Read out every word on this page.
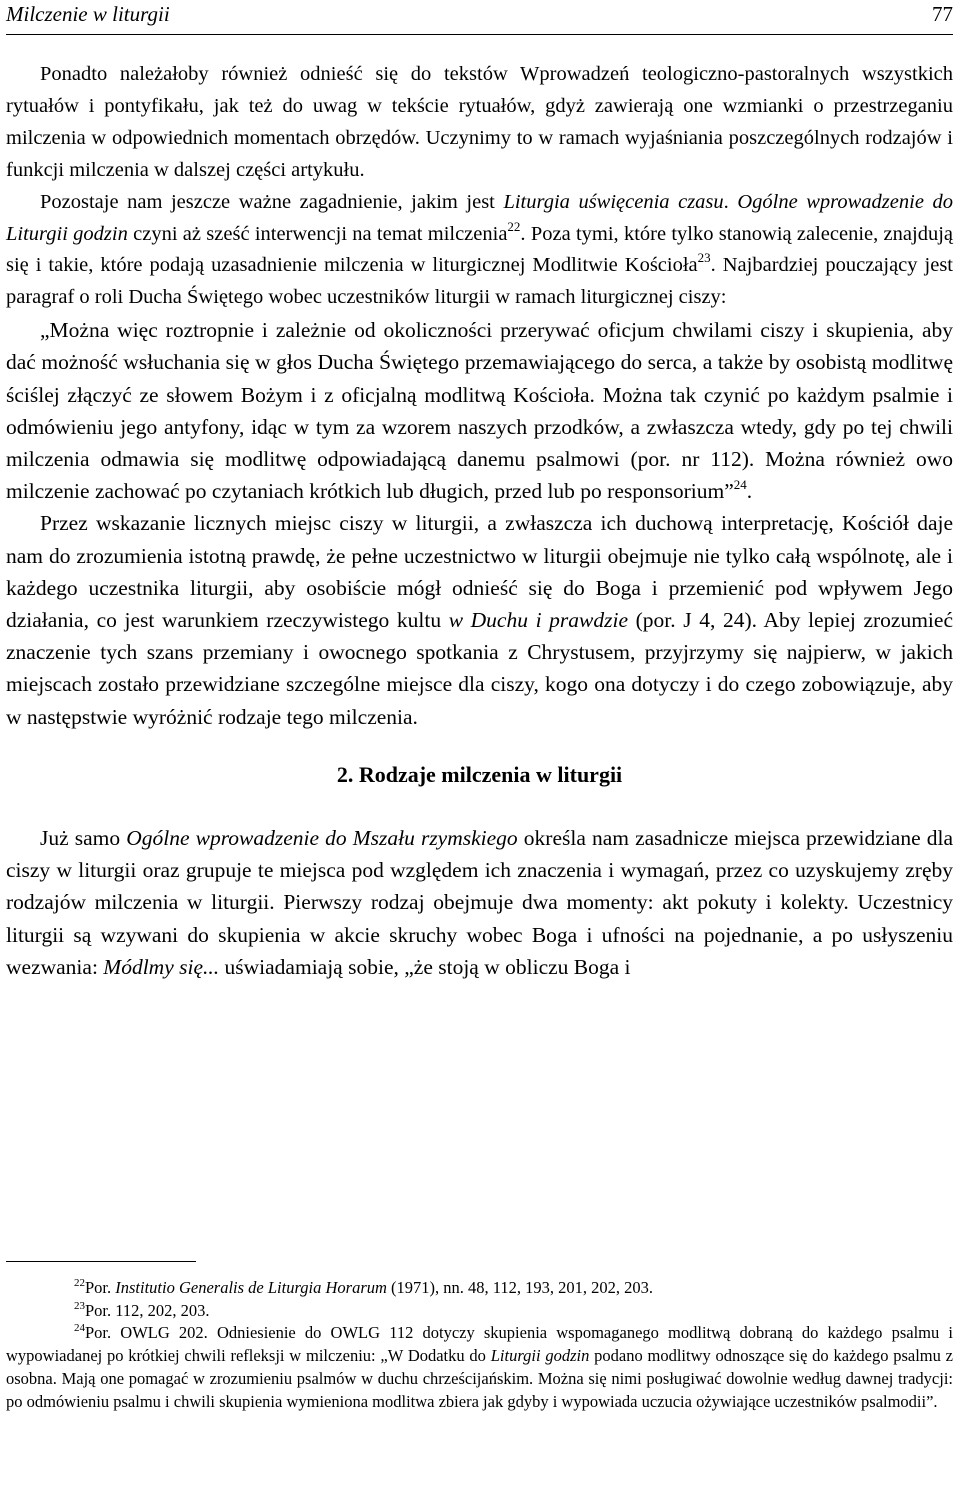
Milczenie w liturgii	77

Ponadto należałoby również odnieść się do tekstów Wprowadzeń teologiczno-pastoralnych wszystkich rytuałów i pontyfikału, jak też do uwag w tekście rytuałów, gdyż zawierają one wzmianki o przestrzeganiu milczenia w odpowiednich momentach obrzędów. Uczynimy to w ramach wyjaśniania poszczególnych rodzajów i funkcji milczenia w dalszej części artykułu.

Pozostaje nam jeszcze ważne zagadnienie, jakim jest Liturgia uświęcenia czasu. Ogólne wprowadzenie do Liturgii godzin czyni aż sześć interwencji na temat milczenia$^{22}$. Poza tymi, które tylko stanowią zalecenie, znajdują się i takie, które podają uzasadnienie milczenia w liturgicznej Modlitwie Kościoła$^{23}$. Najbardziej pouczający jest paragraf o roli Ducha Świętego wobec uczestników liturgii w ramach liturgicznej ciszy:

„Można więc roztropnie i zależnie od okoliczności przerywać oficjum chwilami ciszy i skupienia, aby dać możność wsłuchania się w głos Ducha Świętego przemawiającego do serca, a także by osobistą modlitwę ściślej złączyć ze słowem Bożym i z oficjalną modlitwą Kościoła. Można tak czynić po każdym psalmie i odmówieniu jego antyfony, idąc w tym za wzorem naszych przodków, a zwłaszcza wtedy, gdy po tej chwili milczenia odmawia się modlitwę odpowiadającą danemu psalmowi (por. nr 112). Można również owo milczenie zachować po czytaniach krótkich lub długich, przed lub po responsorium”$^{24}$.

Przez wskazanie licznych miejsc ciszy w liturgii, a zwłaszcza ich duchową interpretację, Kościół daje nam do zrozumienia istotną prawdę, że pełne uczestnictwo w liturgii obejmuje nie tylko całą wspólnotę, ale i każdego uczestnika liturgii, aby osobiście mógł odnieść się do Boga i przemienić pod wpływem Jego działania, co jest warunkiem rzeczywistego kultu w Duchu i prawdzie (por. J 4, 24). Aby lepiej zrozumieć znaczenie tych szans przemiany i owocnego spotkania z Chrystusem, przyjrzymy się najpierw, w jakich miejscach zostało przewidziane szczególne miejsce dla ciszy, kogo ona dotyczy i do czego zobowiązuje, aby w następstwie wyróżnić rodzaje tego milczenia.

2. Rodzaje milczenia w liturgii

Już samo Ogólne wprowadzenie do Mszału rzymskiego określa nam zasadnicze miejsca przewidziane dla ciszy w liturgii oraz grupuje te miejsca pod względem ich znaczenia i wymagań, przez co uzyskujemy zręby rodzajów milczenia w liturgii. Pierwszy rodzaj obejmuje dwa momenty: akt pokuty i kolekty. Uczestnicy liturgii są wzywani do skupienia w akcie skruchy wobec Boga i ufności na pojednanie, a po usłyszeniu wezwania: Módlmy się... uświadamiają sobie, „że stoją w obliczu Boga i

$^{22}$Por. Institutio Generalis de Liturgia Horarum (1971), nn. 48, 112, 193, 201, 202, 203.

$^{23}$Por. 112, 202, 203.

$^{24}$Por. OWLG 202. Odniesienie do OWLG 112 dotyczy skupienia wspomaganego modlitwą dobraną do każdego psalmu i wypowiadanej po krótkiej chwili refleksji w milczeniu: „W Dodatku do Liturgii godzin podano modlitwy odnoszące się do każdego psalmu z osobna. Mają one pomagać w zrozumieniu psalmów w duchu chrześcijańskim. Można się nimi posługiwać dowolnie według dawnej tradycji: po odmówieniu psalmu i chwili skupienia wymieniona modlitwa zbiera jak gdyby i wypowiada uczucia ożywiające uczestników psalmodii”.
